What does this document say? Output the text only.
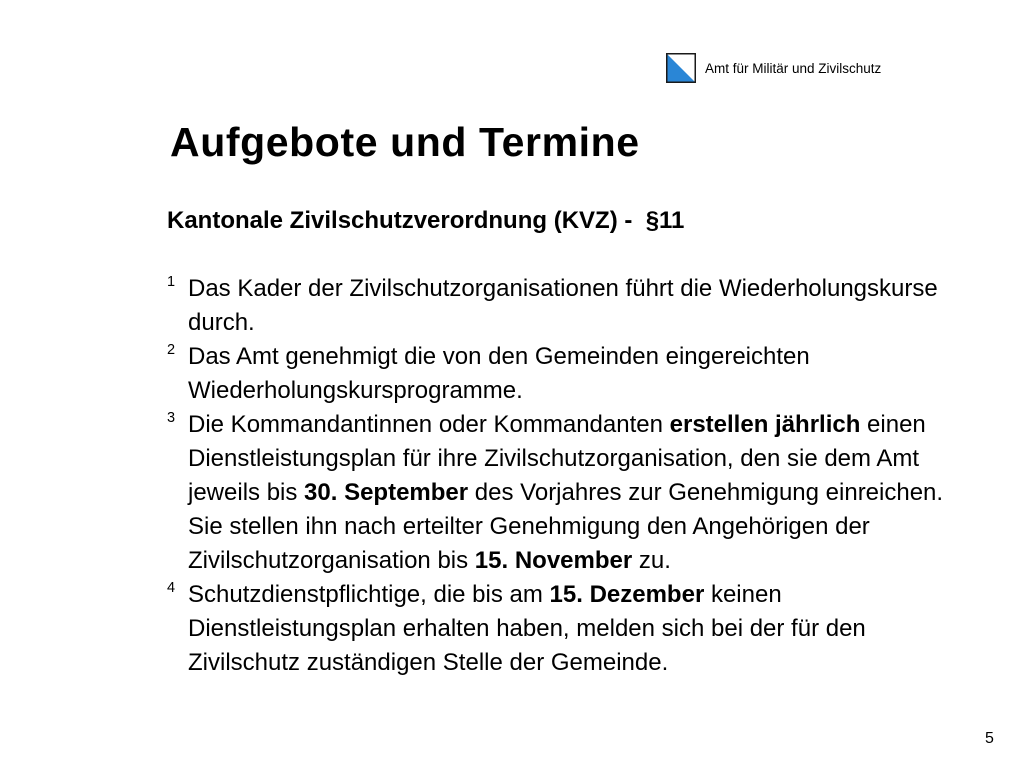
Amt für Militär und Zivilschutz
Aufgebote und Termine
Kantonale Zivilschutzverordnung (KVZ) -  §11
1 Das Kader der Zivilschutzorganisationen führt die Wiederholungskurse durch.
2 Das Amt genehmigt die von den Gemeinden eingereichten Wiederholungskursprogramme.
3 Die Kommandantinnen oder Kommandanten erstellen jährlich einen Dienstleistungsplan für ihre Zivilschutzorganisation, den sie dem Amt jeweils bis 30. September des Vorjahres zur Genehmigung einreichen. Sie stellen ihn nach erteilter Genehmigung den Angehörigen der Zivilschutzorganisation bis 15. November zu.
4 Schutzdienstpflichtige, die bis am 15. Dezember keinen Dienstleistungsplan erhalten haben, melden sich bei der für den Zivilschutz zuständigen Stelle der Gemeinde.
5
